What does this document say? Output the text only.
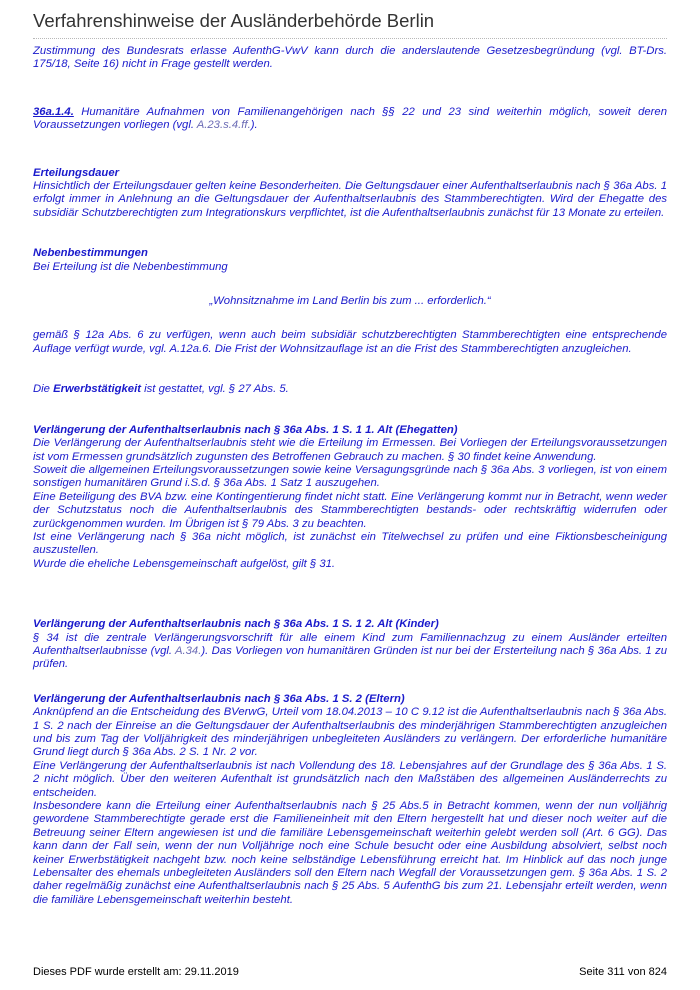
Verfahrenshinweise der Ausländerbehörde Berlin

Zustimmung des Bundesrats erlasse AufenthG-VwV kann durch die anderslautende Gesetzesbegründung (vgl. BT-Drs. 175/18, Seite 16) nicht in Frage gestellt werden.

36a.1.4. Humanitäre Aufnahmen von Familienangehörigen nach §§ 22 und 23 sind weiterhin möglich, soweit deren Voraussetzungen vorliegen (vgl. A.23.s.4.ff.).

Erteilungsdauer

Hinsichtlich der Erteilungsdauer gelten keine Besonderheiten. Die Geltungsdauer einer Aufenthaltserlaubnis nach § 36a Abs. 1 erfolgt immer in Anlehnung an die Geltungsdauer der Aufenthaltserlaubnis des Stammberechtigten. Wird der Ehegatte des subsidiär Schutzberechtigten zum Integrationskurs verpflichtet, ist die Aufenthaltserlaubnis zunächst für 13 Monate zu erteilen.

Nebenbestimmungen

Bei Erteilung ist die Nebenbestimmung

„Wohnsitznahme im Land Berlin bis zum ... erforderlich.“

gemäß § 12a Abs. 6 zu verfügen, wenn auch beim subsidiär schutzberechtigten Stammberechtigten eine entsprechende Auflage verfügt wurde, vgl. A.12a.6. Die Frist der Wohnsitzauflage ist an die Frist des Stammberechtigten anzugleichen.

Die Erwerbstätigkeit ist gestattet, vgl. § 27 Abs. 5.

Verlängerung der Aufenthaltserlaubnis nach § 36a Abs. 1 S. 1 1. Alt (Ehegatten)

Die Verlängerung der Aufenthaltserlaubnis steht wie die Erteilung im Ermessen. Bei Vorliegen der Erteilungsvoraussetzungen ist vom Ermessen grundsätzlich zugunsten des Betroffenen Gebrauch zu machen. § 30 findet keine Anwendung.

Soweit die allgemeinen Erteilungsvoraussetzungen sowie keine Versagungsgründe nach § 36a Abs. 3 vorliegen, ist von einem sonstigen humanitären Grund i.S.d. § 36a Abs. 1 Satz 1 auszugehen.

Eine Beteiligung des BVA bzw. eine Kontingentierung findet nicht statt. Eine Verlängerung kommt nur in Betracht, wenn weder der Schutzstatus noch die Aufenthaltserlaubnis des Stammberechtigten bestands- oder rechtskräftig widerrufen oder zurückgenommen wurden. Im Übrigen ist § 79 Abs. 3 zu beachten.

Ist eine Verlängerung nach § 36a nicht möglich, ist zunächst ein Titelwechsel zu prüfen und eine Fiktionsbescheinigung auszustellen.

Wurde die eheliche Lebensgemeinschaft aufgelöst, gilt § 31.

Verlängerung der Aufenthaltserlaubnis nach § 36a Abs. 1 S. 1 2. Alt (Kinder)

§ 34 ist die zentrale Verlängerungsvorschrift für alle einem Kind zum Familiennachzug zu einem Ausländer erteilten Aufenthaltserlaubnisse (vgl. A.34.). Das Vorliegen von humanitären Gründen ist nur bei der Ersterteilung nach § 36a Abs. 1 zu prüfen.

Verlängerung der Aufenthaltserlaubnis nach § 36a Abs. 1 S. 2 (Eltern)

Anknüpfend an die Entscheidung des BVerwG, Urteil vom 18.04.2013 – 10 C 9.12 ist die Aufenthaltserlaubnis nach § 36a Abs. 1 S. 2 nach der Einreise an die Geltungsdauer der Aufenthaltserlaubnis des minderjährigen Stammberechtigten anzugleichen und bis zum Tag der Volljährigkeit des minderjährigen unbegleiteten Ausländers zu verlängern. Der erforderliche humanitäre Grund liegt durch § 36a Abs. 2 S. 1 Nr. 2 vor.

Eine Verlängerung der Aufenthaltserlaubnis ist nach Vollendung des 18. Lebensjahres auf der Grundlage des § 36a Abs. 1 S. 2 nicht möglich. Über den weiteren Aufenthalt ist grundsätzlich nach den Maßstäben des allgemeinen Ausländerrechts zu entscheiden.

Insbesondere kann die Erteilung einer Aufenthaltserlaubnis nach § 25 Abs.5 in Betracht kommen, wenn der nun volljährig gewordene Stammberechtigte gerade erst die Familieneinheit mit den Eltern hergestellt hat und dieser noch weiter auf die Betreuung seiner Eltern angewiesen ist und die familiäre Lebensgemeinschaft weiterhin gelebt werden soll (Art. 6 GG). Das kann dann der Fall sein, wenn der nun Volljährige noch eine Schule besucht oder eine Ausbildung absolviert, selbst noch keiner Erwerbstätigkeit nachgeht bzw. noch keine selbständige Lebensführung erreicht hat. Im Hinblick auf das noch junge Lebensalter des ehemals unbegleiteten Ausländers soll den Eltern nach Wegfall der Voraussetzungen gem. § 36a Abs. 1 S. 2 daher regelmäßig zunächst eine Aufenthaltserlaubnis nach § 25 Abs. 5 AufenthG bis zum 21. Lebensjahr erteilt werden, wenn die familiäre Lebensgemeinschaft weiterhin besteht.

Dieses PDF wurde erstellt am: 29.11.2019	Seite 311 von 824
